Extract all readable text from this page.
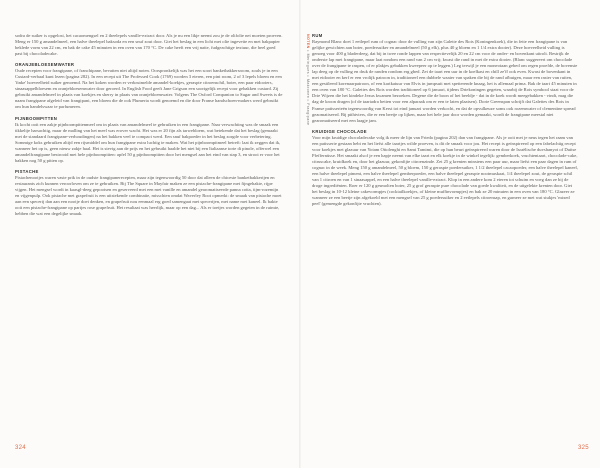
sodra de suiker is opgelost, het cacaomengsel en 2 theelepels vanille-extract door. Als je nu een likje neemt zou je de olifolie net moeten proeven. Meng er 150 g amandelmeel, een halve theelepel baksoda en een snuf zout door. Giet het beslag in een licht met olie ingevette en met bakpapier beklede vorm van 22 cm, en bak de cake 45 minuten in een oven van 170 °C. De cake heeft een vrij natte, fudgeachtige textuur, die heel goed past bij chocoladecake.

ORANJEBLOESEMWATER

Oude recepten voor frangipane, of franchipane, bevatten niet altijd noten. Oorspronkelijk was het een soort banketbakkersroom, zoals je in een Custard-verbaal kunt lezen (pagina 282). In een recept uit The Professed Cook (1769) worden 3 eieren, een pint room, 2 of 3 lepels bloem en een 'finke' hoeveelheid suiker genoemd. Na het koken worden er verkruimelde amandel-koekjes, geraspte citroenschil, boter, een paar eidooiers, sinaasappelbloesem en oranjebloesemwater door geroerd. In English Food geeft Jane Grigson een soortgelijk recept voor gebakken custard. Zij gebruikt amandelmeel in plaats van koekjes en sherry in plaats van oranjebloemwater. Volgens The Oxford Companion to Sugar and Sweets is de naam frangipane afgeleid van frangipani, een bloem die de ook Plumeria wordt genoemd en die door Franse handschoen-makers werd gebruikt om hun handelswaar te parfumeren.

PIJNBOOMPITTEN

Ik kocht ooit een zakje pijnboompittenmeel om in plaats van amandelmeel te gebruiken in een frangipane. Naar verwachting was de smaak een tikkeltje harsachtig, maar de malling van het meel was erover wacht. Het was er 20 fijn als tarwebloem, wat betekende dat het beslag (gemaakt met de standaard frangipane-verhoudingen) na het bakken veel te compact werd. Een snuf bakpoeder in het beslag zorgde voor verbetering. Sommige koks gebruiken altijd een rijsmiddel om hun frangipane extra luchtig te maken. Wat het pijnboompitmeel betreft: laat ik zeggen dat ik, wanneer het op is, geen nieuw zakje haal. Het is stevig aan de prijs en het gebruikt haalde het niet bij een Italiaanse torte di pinole, offerwel een amandelfrangipane bestrooid met hele pijnboompitten: apfel 50 g pijnboompitten door het mengsel aan het eind van stap 3, en strooi er voor het bakken nog 50 g pitten op.

PISTACHE

Pistachenootjes waren vaste prik in de oudste frangipanerecepten, maar zijn tegenwoordig 50 door dat alleen de chiceste banketbakkerijen en restaurants zich kunnen veroorloven om ze te gebruiken. Bij The Square in Mayfair maken ze een pistache-frangipane met fijngehakte, rijpe vijgen. Het mengsel wordt in kaasgl-deeg gepootsen en geserveerd met een met vanille en amandel gearomatiseerde panna cotta, tijm-rozemijn en vijgenpulp. Ook pistache met grapefruit is een uitstekende combinatie, misschien omdat Waverley Root opmerkt: de smaak van pistache moet aan een specerij dan aan een nootje doet denken, en grapefruit nou eenmaal erg goed samengaat met specerijen, met name met kaneel. Ik bakte ooit een pistache-frangipane op partjes rose grapefruit. Het resultaat was heerlijk, maar op een dag... Als er toetjes worden gegeten in de ruimte, hebben die wat een degelijke smaak.

324
NOTEN ▸ Meringues ▸ Makronen ▸ Frangipane
RUM

Raymond Blanc doet 1 eetlepel rum of cognac door de vulling van zijn Galette des Rois (Koningenkoek), die in feite een frangipane is van gelijke gewichten aan boter, poedersuiker en amandelmeel (50 g elk), plus 40 g bloem en 1 1/4 extra dooier). Deze hoeveelheid vulling is genoeg voor 400 g bladerdeeg, dat bij in twee ronde lappen van respectievelijk 20 en 22 cm voor de onder- en bovenkant uitrolt. Bestrijk de onderste lap met frangipane, maar laat rondom een rand van 2 cm vrij; kwast die rand in met de extra dooier. (Blanc suggereert om chocolade over de frangipane te raspen, of er plakjes gebakken kweepeer op te leggen.) Leg terwijl je een moneotaan gebed om regen proefde, de bovenste lap deeg op de vulling en druk de randen rondom erg gbed. Zet de taart een uur in de koelkast en chill ze'ff ook even. Kwast de bovenkant in met eidooier en kerf er een vrolijk patroon in, traditioneel een dubbele waaier van spaken die bij de rand afbuigen, maar een raster van ruiten, een gestileerd korenaarpatroon, of een karikatuur van Elvis in jumpsuit met spetterende knaag, het is allemaal prima. Bak de taart 45 minuten in een oven van 180 °C. Galettes des Rois worden traditioneel op 6 januari, tijdens Driekoningen gegeten, waarbij de Rois symbool staat voor de Drie Wijzen die het kindeke Jezus kwamen bezoeken. Degene die de boon of het beeldje - dat in de koek wordt meegebakken - vindt, mag die dag de kroon dragen (of de taartadra betten voor een alparaak om er een te laten plaatsen). Dorie Greenspan schrijft dat Galettes des Rois in Franse patisserieën tegenwoordig van Kerst tot eind januari worden verkocht, en dat de opvulkeuze soms ook rozemwater of clementine spread geaomatiseerd. Bij pithiviers, die er een beetje op lijken, maar het hele jaar door worden gemaakt, wordt de frangipane meestal niet gearomatiseerd met een laagje jam.

KRUIDIGE CHOCOLADE

Voor mijn kruidige chocoladecake volg ik meer de lijn van Frieda (pagina 202) dan van frangipane. Als je ooit met je neus tegen het raam van een patisserie gestaan hebt en het liefst alle taartjes wilde proeven, is dit de smaak voor jou. Het recept is geïnspireerd op een fabelachtig recept voor koekjes met glazuur van Yotam Ottolenghi en Sami Tamimi, die op hun beurt geïnspireerd waren door de Israëlische duvshanyot of Duitse Pfeffernüsse. Het smaakt alsof je een hapje neemt van elke taart en elk koekje in de winkel tegelijk: gemberkoek, vruchtentaart, chocolade-cake, citruscake, kruidkoek en, door het glazuur, gekonfijte citroenzinde. Zet 25 g krenten minstens een paar uur, maar liefst een paar dagen in rum of cognac in de week. Meng 150 g amandelmeel, 50 g bloem, 150 g geraspte poedersuiker, 1 1/2 theelepel cacaopoeder, een halve theelepel kaneel, een halve theelepel piment, een halve theelepel gemberpoeder, een halve theelepel geraspte nootmuskaat, 1/4 theelepel zout, de geraspte schil van 1 citroen en van 1 sinaasappel, en een halve theelepel vanille-extract. Klop in een andere kom 2 eieren tot schuim en voeg dan ze bij de droge ingrediënten. Roer er 120 g gesmolten boter, 25 g grof geraspte pure chocolade van goede kwaliteit, en de uitgelekte krenten door. Giet het beslag in 10-12 kleine cakevormpjes (cocktailkoekjes, of kleine muffinvormpjes) en bak ze 20 minuten in een oven van 180 °C. Glazeer ze wanneer ze een beetje zijn afgekoeld met een mengsel van 25 g poedersuiker en 2 eetlepels citroensap, en garneer ze met wat stukjes 'mixed peel' (gemengde gekonfijte vruchten).

325
